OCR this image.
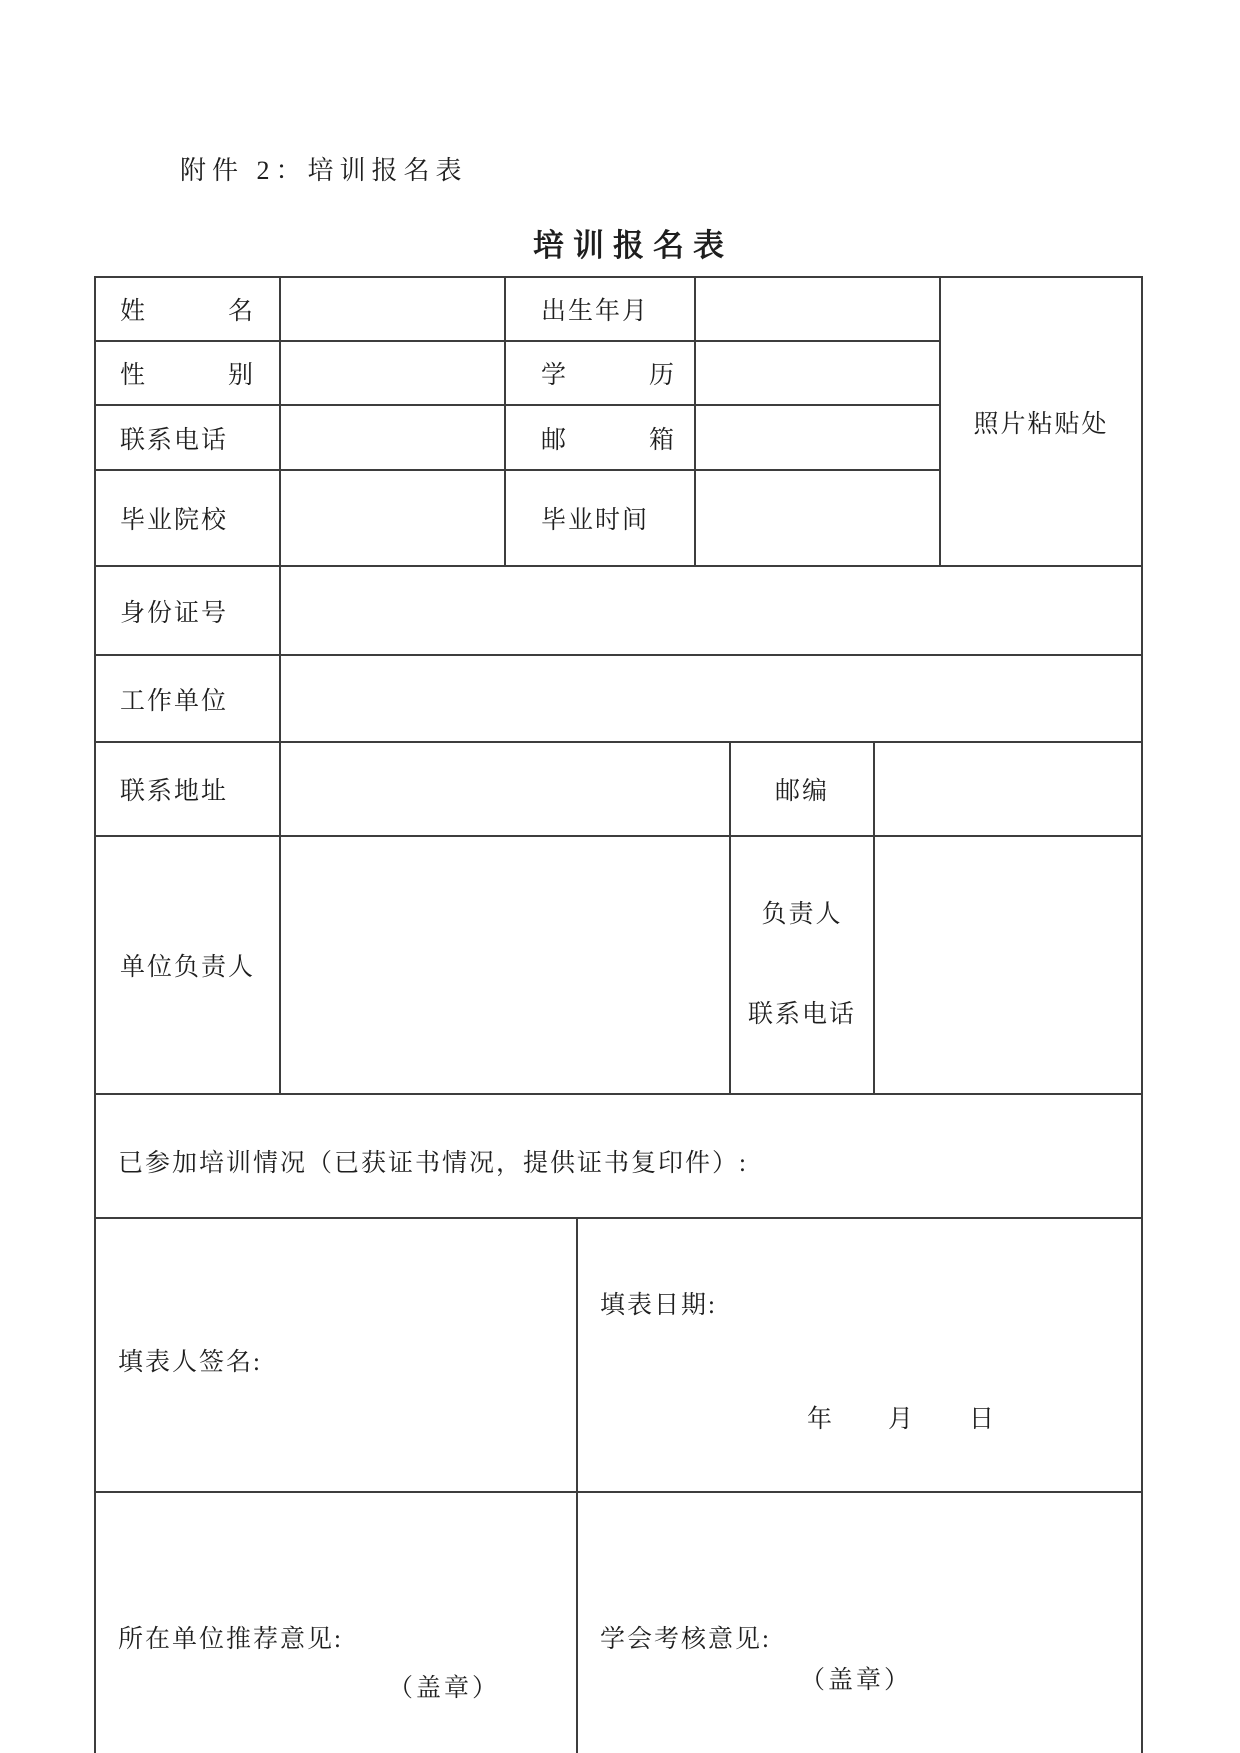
附件 2：培训报名表
培训报名表
姓　　　名		出生年月					照片粘贴处
性　　　别		学　　　历					
联系电话		邮　　　箱					
毕业院校		毕业时间					
身份证号							
工作单位							
联系地址					邮编		
单位负责人					负责人

联系电话		

已参加培训情况（已获证书情况，提供证书复印件）:							
填表人签名:			填表日期:

年　　月　　日				

所在单位推荐意见:

（盖章）

学会考核意见:

（盖章）
